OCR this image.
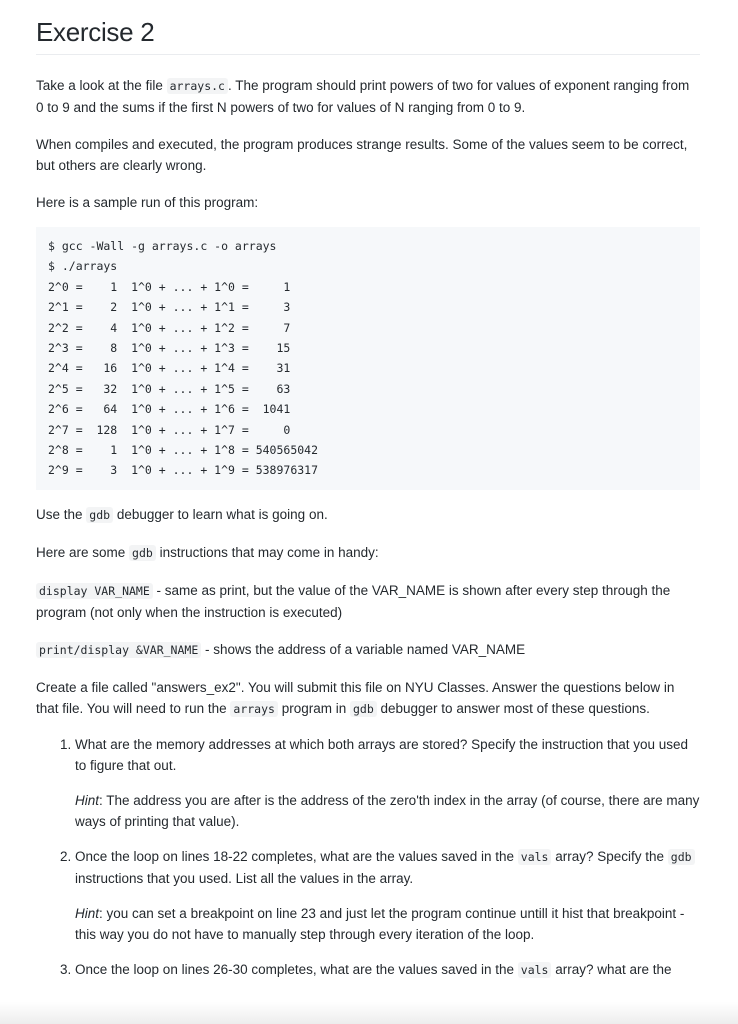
Exercise 2

Take a look at the file arrays.c . The program should print powers of two for values of exponent ranging from 0 to 9 and the sums if the first N powers of two for values of N ranging from 0 to 9.

When compiles and executed, the program produces strange results. Some of the values seem to be correct, but others are clearly wrong.

Here is a sample run of this program:

$ gcc -Wall -g arrays.c -o arrays
$ ./arrays
2^0 =    1  1^0 + ... + 1^0 =     1
2^1 =    2  1^0 + ... + 1^1 =     3
2^2 =    4  1^0 + ... + 1^2 =     7
2^3 =    8  1^0 + ... + 1^3 =    15
2^4 =   16  1^0 + ... + 1^4 =    31
2^5 =   32  1^0 + ... + 1^5 =    63
2^6 =   64  1^0 + ... + 1^6 =  1041
2^7 =  128  1^0 + ... + 1^7 =     0
2^8 =    1  1^0 + ... + 1^8 = 540565042
2^9 =    3  1^0 + ... + 1^9 = 538976317

Use the gdb debugger to learn what is going on.

Here are some gdb instructions that may come in handy:

display VAR_NAME - same as print, but the value of the VAR_NAME is shown after every step through the program (not only when the instruction is executed)

print/display &VAR_NAME - shows the address of a variable named VAR_NAME

Create a file called "answers_ex2". You will submit this file on NYU Classes. Answer the questions below in that file. You will need to run the arrays program in gdb debugger to answer most of these questions.

1. What are the memory addresses at which both arrays are stored? Specify the instruction that you used to figure that out.
Hint: The address you are after is the address of the zero'th index in the array (of course, there are many ways of printing that value).
2. Once the loop on lines 18-22 completes, what are the values saved in the vals array? Specify the gdb instructions that you used. List all the values in the array.
Hint: you can set a breakpoint on line 23 and just let the program continue untill it hist that breakpoint - this way you do not have to manually step through every iteration of the loop.
3. Once the loop on lines 26-30 completes, what are the values saved in the vals array? what are the
